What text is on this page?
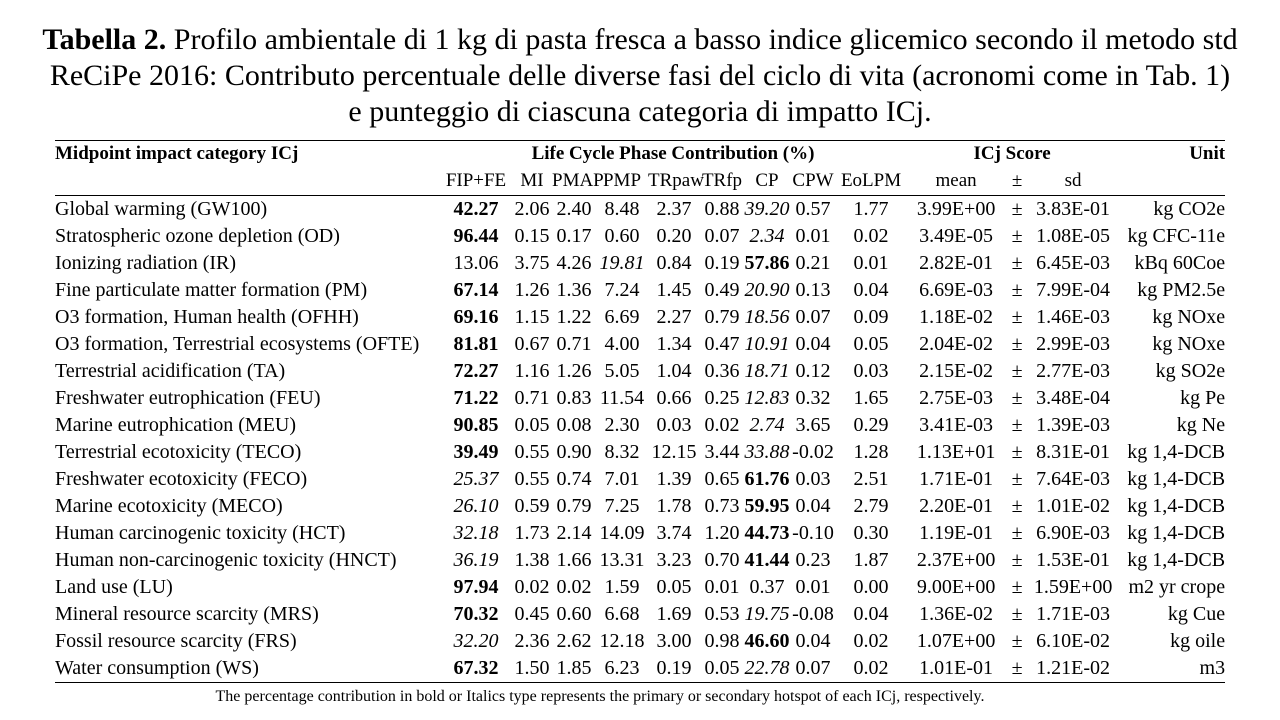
Tabella 2. Profilo ambientale di 1 kg di pasta fresca a basso indice glicemico secondo il metodo std ReCiPe 2016: Contributo percentuale delle diverse fasi del ciclo di vita (acronomi come in Tab. 1) e punteggio di ciascuna categoria di impatto ICj.
Midpoint impact category ICj	Life Cycle Phase Contribution (%)									ICj Score			Unit
	FIP+FE	MI	PMAP	PMP	TRpaw	TRfp	CP	CPW	EoLPM	mean	±	sd	
Global warming (GW100)	42.27	2.06	2.40	8.48	2.37	0.88	39.20	0.57	1.77	3.99E+00	±	3.83E-01	kg CO2e
Stratospheric ozone depletion (OD)	96.44	0.15	0.17	0.60	0.20	0.07	2.34	0.01	0.02	3.49E-05	±	1.08E-05	kg CFC-11e
Ionizing radiation (IR)	13.06	3.75	4.26	19.81	0.84	0.19	57.86	0.21	0.01	2.82E-01	±	6.45E-03	kBq 60Coe
Fine particulate matter formation (PM)	67.14	1.26	1.36	7.24	1.45	0.49	20.90	0.13	0.04	6.69E-03	±	7.99E-04	kg PM2.5e
O3 formation, Human health (OFHH)	69.16	1.15	1.22	6.69	2.27	0.79	18.56	0.07	0.09	1.18E-02	±	1.46E-03	kg NOxe
O3 formation, Terrestrial ecosystems (OFTE)	81.81	0.67	0.71	4.00	1.34	0.47	10.91	0.04	0.05	2.04E-02	±	2.99E-03	kg NOxe
Terrestrial acidification (TA)	72.27	1.16	1.26	5.05	1.04	0.36	18.71	0.12	0.03	2.15E-02	±	2.77E-03	kg SO2e
Freshwater eutrophication (FEU)	71.22	0.71	0.83	11.54	0.66	0.25	12.83	0.32	1.65	2.75E-03	±	3.48E-04	kg Pe
Marine eutrophication (MEU)	90.85	0.05	0.08	2.30	0.03	0.02	2.74	3.65	0.29	3.41E-03	±	1.39E-03	kg Ne
Terrestrial ecotoxicity (TECO)	39.49	0.55	0.90	8.32	12.15	3.44	33.88	-0.02	1.28	1.13E+01	±	8.31E-01	kg 1,4-DCB
Freshwater ecotoxicity (FECO)	25.37	0.55	0.74	7.01	1.39	0.65	61.76	0.03	2.51	1.71E-01	±	7.64E-03	kg 1,4-DCB
Marine ecotoxicity (MECO)	26.10	0.59	0.79	7.25	1.78	0.73	59.95	0.04	2.79	2.20E-01	±	1.01E-02	kg 1,4-DCB
Human carcinogenic toxicity (HCT)	32.18	1.73	2.14	14.09	3.74	1.20	44.73	-0.10	0.30	1.19E-01	±	6.90E-03	kg 1,4-DCB
Human non-carcinogenic toxicity (HNCT)	36.19	1.38	1.66	13.31	3.23	0.70	41.44	0.23	1.87	2.37E+00	±	1.53E-01	kg 1,4-DCB
Land use (LU)	97.94	0.02	0.02	1.59	0.05	0.01	0.37	0.01	0.00	9.00E+00	±	1.59E+00	m2 yr crope
Mineral resource scarcity (MRS)	70.32	0.45	0.60	6.68	1.69	0.53	19.75	-0.08	0.04	1.36E-02	±	1.71E-03	kg Cue
Fossil resource scarcity (FRS)	32.20	2.36	2.62	12.18	3.00	0.98	46.60	0.04	0.02	1.07E+00	±	6.10E-02	kg oile
Water consumption (WS)	67.32	1.50	1.85	6.23	0.19	0.05	22.78	0.07	0.02	1.01E-01	±	1.21E-02	m3
The percentage contribution in bold or Italics type represents the primary or secondary hotspot of each ICj, respectively.
